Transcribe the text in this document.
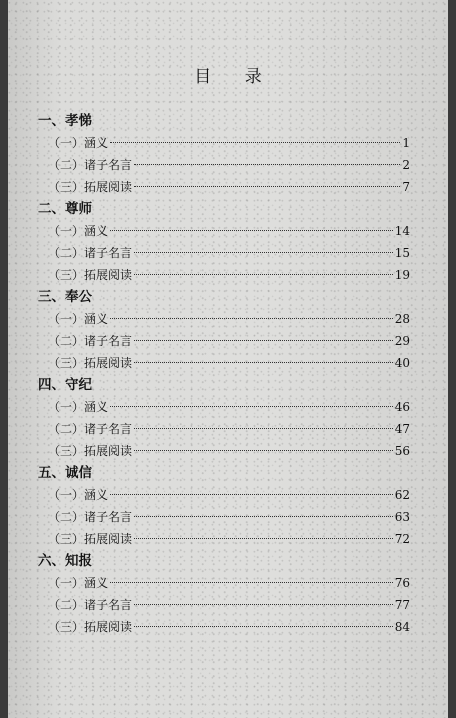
目 录
一、孝悌
（一）涵义	1
（二）诸子名言	2
（三）拓展阅读	7
二、尊师
（一）涵义	14
（二）诸子名言	15
（三）拓展阅读	19
三、奉公
（一）涵义	28
（二）诸子名言	29
（三）拓展阅读	40
四、守纪
（一）涵义	46
（二）诸子名言	47
（三）拓展阅读	56
五、诚信
（一）涵义	62
（二）诸子名言	63
（三）拓展阅读	72
六、知报
（一）涵义	76
（二）诸子名言	77
（三）拓展阅读	84
